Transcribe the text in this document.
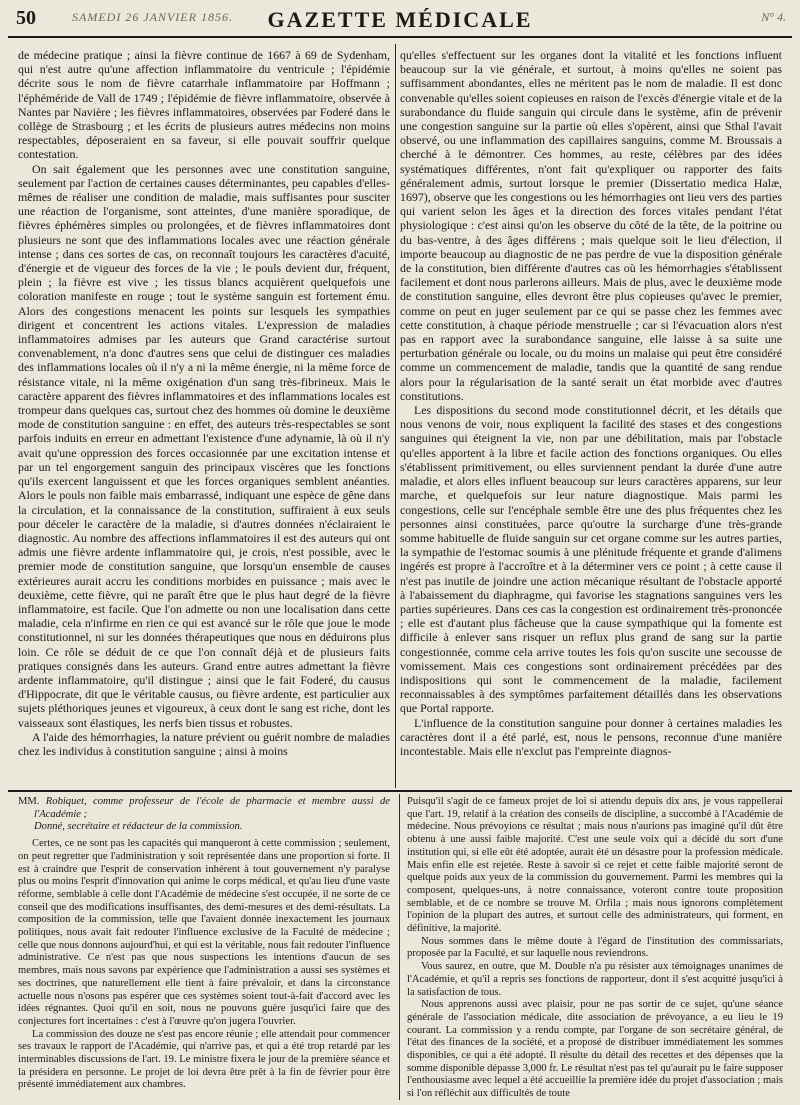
50	SAMEDI 26 JANVIER 1856.	GAZETTE MÉDICALE	N° 4.

de médecine pratique ; ainsi la fièvre continue de 1667 à 69 de Sydenham, qui n'est autre qu'une affection inflammatoire du ventricule ; l'épidémie décrite sous le nom de fièvre catarrhale inflammatoire par Hoffmann ; l'éphéméride de Vall de 1749 ; l'épidémie de fièvre inflammatoire, observée à Nantes par Navière ; les fièvres inflammatoires, observées par Foderé dans le collège de Strasbourg ; et les écrits de plusieurs autres médecins non moins respectables, déposeraient en sa faveur, si elle pouvait souffrir quelque contestation.

On sait également que les personnes avec une constitution sanguine, seulement par l'action de certaines causes déterminantes, peu capables d'elles-mêmes de réaliser une condition de maladie, mais suffisantes pour susciter une réaction de l'organisme, sont atteintes, d'une manière sporadique, de fièvres éphémères simples ou prolongées, et de fièvres inflammatoires dont plusieurs ne sont que des inflammations locales avec une réaction générale intense ; dans ces sortes de cas, on reconnaît toujours les caractères d'acuité, d'énergie et de vigueur des forces de la vie ; le pouls devient dur, fréquent, plein ; la fièvre est vive ; les tissus blancs acquièrent quelquefois une coloration manifeste en rouge ; tout le système sanguin est fortement ému. Alors des congestions menacent les points sur lesquels les sympathies dirigent et concentrent les actions vitales. L'expression de maladies inflammatoires admises par les auteurs que Grand caractérise surtout convenablement, n'a donc d'autres sens que celui de distinguer ces maladies des inflammations locales où il n'y a ni la même énergie, ni la même force de résistance vitale, ni la même oxigénation d'un sang très-fibrineux. Mais le caractère apparent des fièvres inflammatoires et des inflammations locales est trompeur dans quelques cas, surtout chez des hommes où domine le deuxième mode de constitution sanguine : en effet, des auteurs très-respectables se sont parfois induits en erreur en admettant l'existence d'une adynamie, là où il n'y avait qu'une oppression des forces occasionnée par une excitation intense et par un tel engorgement sanguin des principaux viscères que les fonctions qu'ils exercent languissent et que les forces organiques semblent anéanties. Alors le pouls non faible mais embarrassé, indiquant une espèce de gêne dans la circulation, et la connaissance de la constitution, suffiraient à eux seuls pour déceler le caractère de la maladie, si d'autres données n'éclairaient le diagnostic. Au nombre des affections inflammatoires il est des auteurs qui ont admis une fièvre ardente inflammatoire qui, je crois, n'est possible, avec le premier mode de constitution sanguine, que lorsqu'un ensemble de causes extérieures aurait accru les conditions morbides en puissance ; mais avec le deuxième, cette fièvre, qui ne paraît être que le plus haut degré de la fièvre inflammatoire, est facile. Que l'on admette ou non une localisation dans cette maladie, cela n'infirme en rien ce qui est avancé sur le rôle que joue le mode constitutionnel, ni sur les données thérapeutiques que nous en déduirons plus loin. Ce rôle se déduit de ce que l'on connaît déjà et de plusieurs faits pratiques consignés dans les auteurs. Grand entre autres admettant la fièvre ardente inflammatoire, qu'il distingue ; ainsi que le fait Foderé, du causus d'Hippocrate, dit que le véritable causus, ou fièvre ardente, est particulier aux sujets pléthoriques jeunes et vigoureux, à ceux dont le sang est riche, dont les vaisseaux sont élastiques, les nerfs bien tissus et robustes.

A l'aide des hémorrhagies, la nature prévient ou guérit nombre de maladies chez les individus à constitution sanguine ; ainsi à moins

qu'elles s'effectuent sur les organes dont la vitalité et les fonctions influent beaucoup sur la vie générale, et surtout, à moins qu'elles ne soient pas suffisamment abondantes, elles ne méritent pas le nom de maladie. Il est donc convenable qu'elles soient copieuses en raison de l'excès d'énergie vitale et de la surabondance du fluide sanguin qui circule dans le système, afin de prévenir une congestion sanguine sur la partie où elles s'opèrent, ainsi que Sthal l'avait observé, ou une inflammation des capillaires sanguins, comme M. Broussais a cherché à le démontrer. Ces hommes, au reste, célèbres par des idées systématiques différentes, n'ont fait qu'expliquer ou rapporter des faits généralement admis, surtout lorsque le premier (Dissertatio medica Halæ, 1697), observe que les congestions ou les hémorrhagies ont lieu vers des parties qui varient selon les âges et la direction des forces vitales pendant l'état physiologique : c'est ainsi qu'on les observe du côté de la tête, de la poitrine ou du bas-ventre, à des âges différens ; mais quelque soit le lieu d'élection, il importe beaucoup au diagnostic de ne pas perdre de vue la disposition générale de la constitution, bien différente d'autres cas où les hémorrhagies s'établissent facilement et dont nous parlerons ailleurs. Mais de plus, avec le deuxième mode de constitution sanguine, elles devront être plus copieuses qu'avec le premier, comme on peut en juger seulement par ce qui se passe chez les femmes avec cette constitution, à chaque période menstruelle ; car si l'évacuation alors n'est pas en rapport avec la surabondance sanguine, elle laisse à sa suite une perturbation générale ou locale, ou du moins un malaise qui peut être considéré comme un commencement de maladie, tandis que la quantité de sang rendue alors pour la régularisation de la santé serait un état morbide avec d'autres constitutions.

Les dispositions du second mode constitutionnel décrit, et les détails que nous venons de voir, nous expliquent la facilité des stases et des congestions sanguines qui éteignent la vie, non par une débilitation, mais par l'obstacle qu'elles apportent à la libre et facile action des fonctions organiques. Ou elles s'établissent primitivement, ou elles surviennent pendant la durée d'une autre maladie, et alors elles influent beaucoup sur leurs caractères apparens, sur leur marche, et quelquefois sur leur nature diagnostique. Mais parmi les congestions, celle sur l'encéphale semble être une des plus fréquentes chez les personnes ainsi constituées, parce qu'outre la surcharge d'une très-grande somme habituelle de fluide sanguin sur cet organe comme sur les autres parties, la sympathie de l'estomac soumis à une plénitude fréquente et grande d'alimens ingérés est propre à l'accroître et à la déterminer vers ce point ; à cette cause il n'est pas inutile de joindre une action mécanique résultant de l'obstacle apporté à l'abaissement du diaphragme, qui favorise les stagnations sanguines vers les parties supérieures. Dans ces cas la congestion est ordinairement très-prononcée ; elle est d'autant plus fâcheuse que la cause sympathique qui la fomente est difficile à enlever sans risquer un reflux plus grand de sang sur la partie congestionnée, comme cela arrive toutes les fois qu'on suscite une secousse de vomissement. Mais ces congestions sont ordinairement précédées par des indispositions qui sont le commencement de la maladie, facilement reconnaissables à des symptômes parfaitement détaillés dans les observations que Portal rapporte.

L'influence de la constitution sanguine pour donner à certaines maladies les caractères dont il a été parlé, est, nous le pensons, reconnue d'une manière incontestable. Mais elle n'exclut pas l'empreinte diagnos-

MM. Robiquet, comme professeur de l'école de pharmacie et membre aussi de l'Académie ;

Donné, secrétaire et rédacteur de la commission.

Certes, ce ne sont pas les capacités qui manqueront à cette commission ; seulement, on peut regretter que l'administration y soit représentée dans une proportion si forte. Il est à craindre que l'esprit de conservation inhérent à tout gouvernement n'y paralyse plus ou moins l'esprit d'innovation qui anime le corps médical, et qu'au lieu d'une vaste réforme, semblable à celle dont l'Académie de médecine s'est occupée, il ne sorte de ce conseil que des modifications insuffisantes, des demi-mesures et des demi-résultats. La composition de la commission, telle que l'avaient donnée inexactement les journaux politiques, nous avait fait redouter l'influence exclusive de la Faculté de médecine ; celle que nous donnons aujourd'hui, et qui est la véritable, nous fait redouter l'influence administrative. Ce n'est pas que nous suspections les intentions d'aucun de ses membres, mais nous savons par expérience que l'administration a aussi ses systèmes et ses doctrines, que naturellement elle tient à faire prévaloir, et dans la circonstance actuelle nous n'osons pas espérer que ces systèmes soient tout-à-fait d'accord avec les idées régnantes. Quoi qu'il en soit, nous ne pouvons guère jusqu'ici faire que des conjectures fort incertaines : c'est à l'œuvre qu'on jugera l'ouvrier.

La commission des douze ne s'est pas encore réunie ; elle attendait pour commencer ses travaux le rapport de l'Académie, qui n'arrive pas, et qui a été trop retardé par les interminables discussions de l'art. 19. Le ministre fixera le jour de la première séance et la présidera en personne. Le projet de loi devra être prêt à la fin de février pour être présenté immédiatement aux chambres.

Puisqu'il s'agit de ce fameux projet de loi si attendu depuis dix ans, je vous rappellerai que l'art. 19, relatif à la création des conseils de discipline, a succombé à l'Académie de médecine. Nous prévoyions ce résultat ; mais nous n'aurions pas imaginé qu'il dût être obtenu à une aussi faible majorité. C'est une seule voix qui a décidé du sort d'une institution qui, si elle eût été adoptée, aurait été un désastre pour la profession médicale. Mais enfin elle est rejetée. Reste à savoir si ce rejet et cette faible majorité seront de quelque poids aux yeux de la commission du gouvernement. Parmi les membres qui la composent, quelques-uns, à notre connaissance, voteront contre toute proposition semblable, et de ce nombre se trouve M. Orfila ; mais nous ignorons complètement l'opinion de la plupart des autres, et surtout celle des administrateurs, qui forment, en définitive, la majorité.

Nous sommes dans le même doute à l'égard de l'institution des commissariats, proposée par la Faculté, et sur laquelle nous reviendrons.

Vous saurez, en outre, que M. Double n'a pu résister aux témoignages unanimes de l'Académie, et qu'il a repris ses fonctions de rapporteur, dont il s'est acquitté jusqu'ici à la satisfaction de tous.

Nous apprenons aussi avec plaisir, pour ne pas sortir de ce sujet, qu'une séance générale de l'association médicale, dite association de prévoyance, a eu lieu le 19 courant. La commission y a rendu compte, par l'organe de son secrétaire général, de l'état des finances de la société, et a proposé de distribuer immédiatement les sommes disponibles, ce qui a été adopté. Il résulte du détail des recettes et des dépenses que la somme disponible dépasse 3,000 fr. Le résultat n'est pas tel qu'aurait pu le faire supposer l'enthousiasme avec lequel a été accueillie la première idée du projet d'association ; mais si l'on réfléchit aux difficultés de toute
